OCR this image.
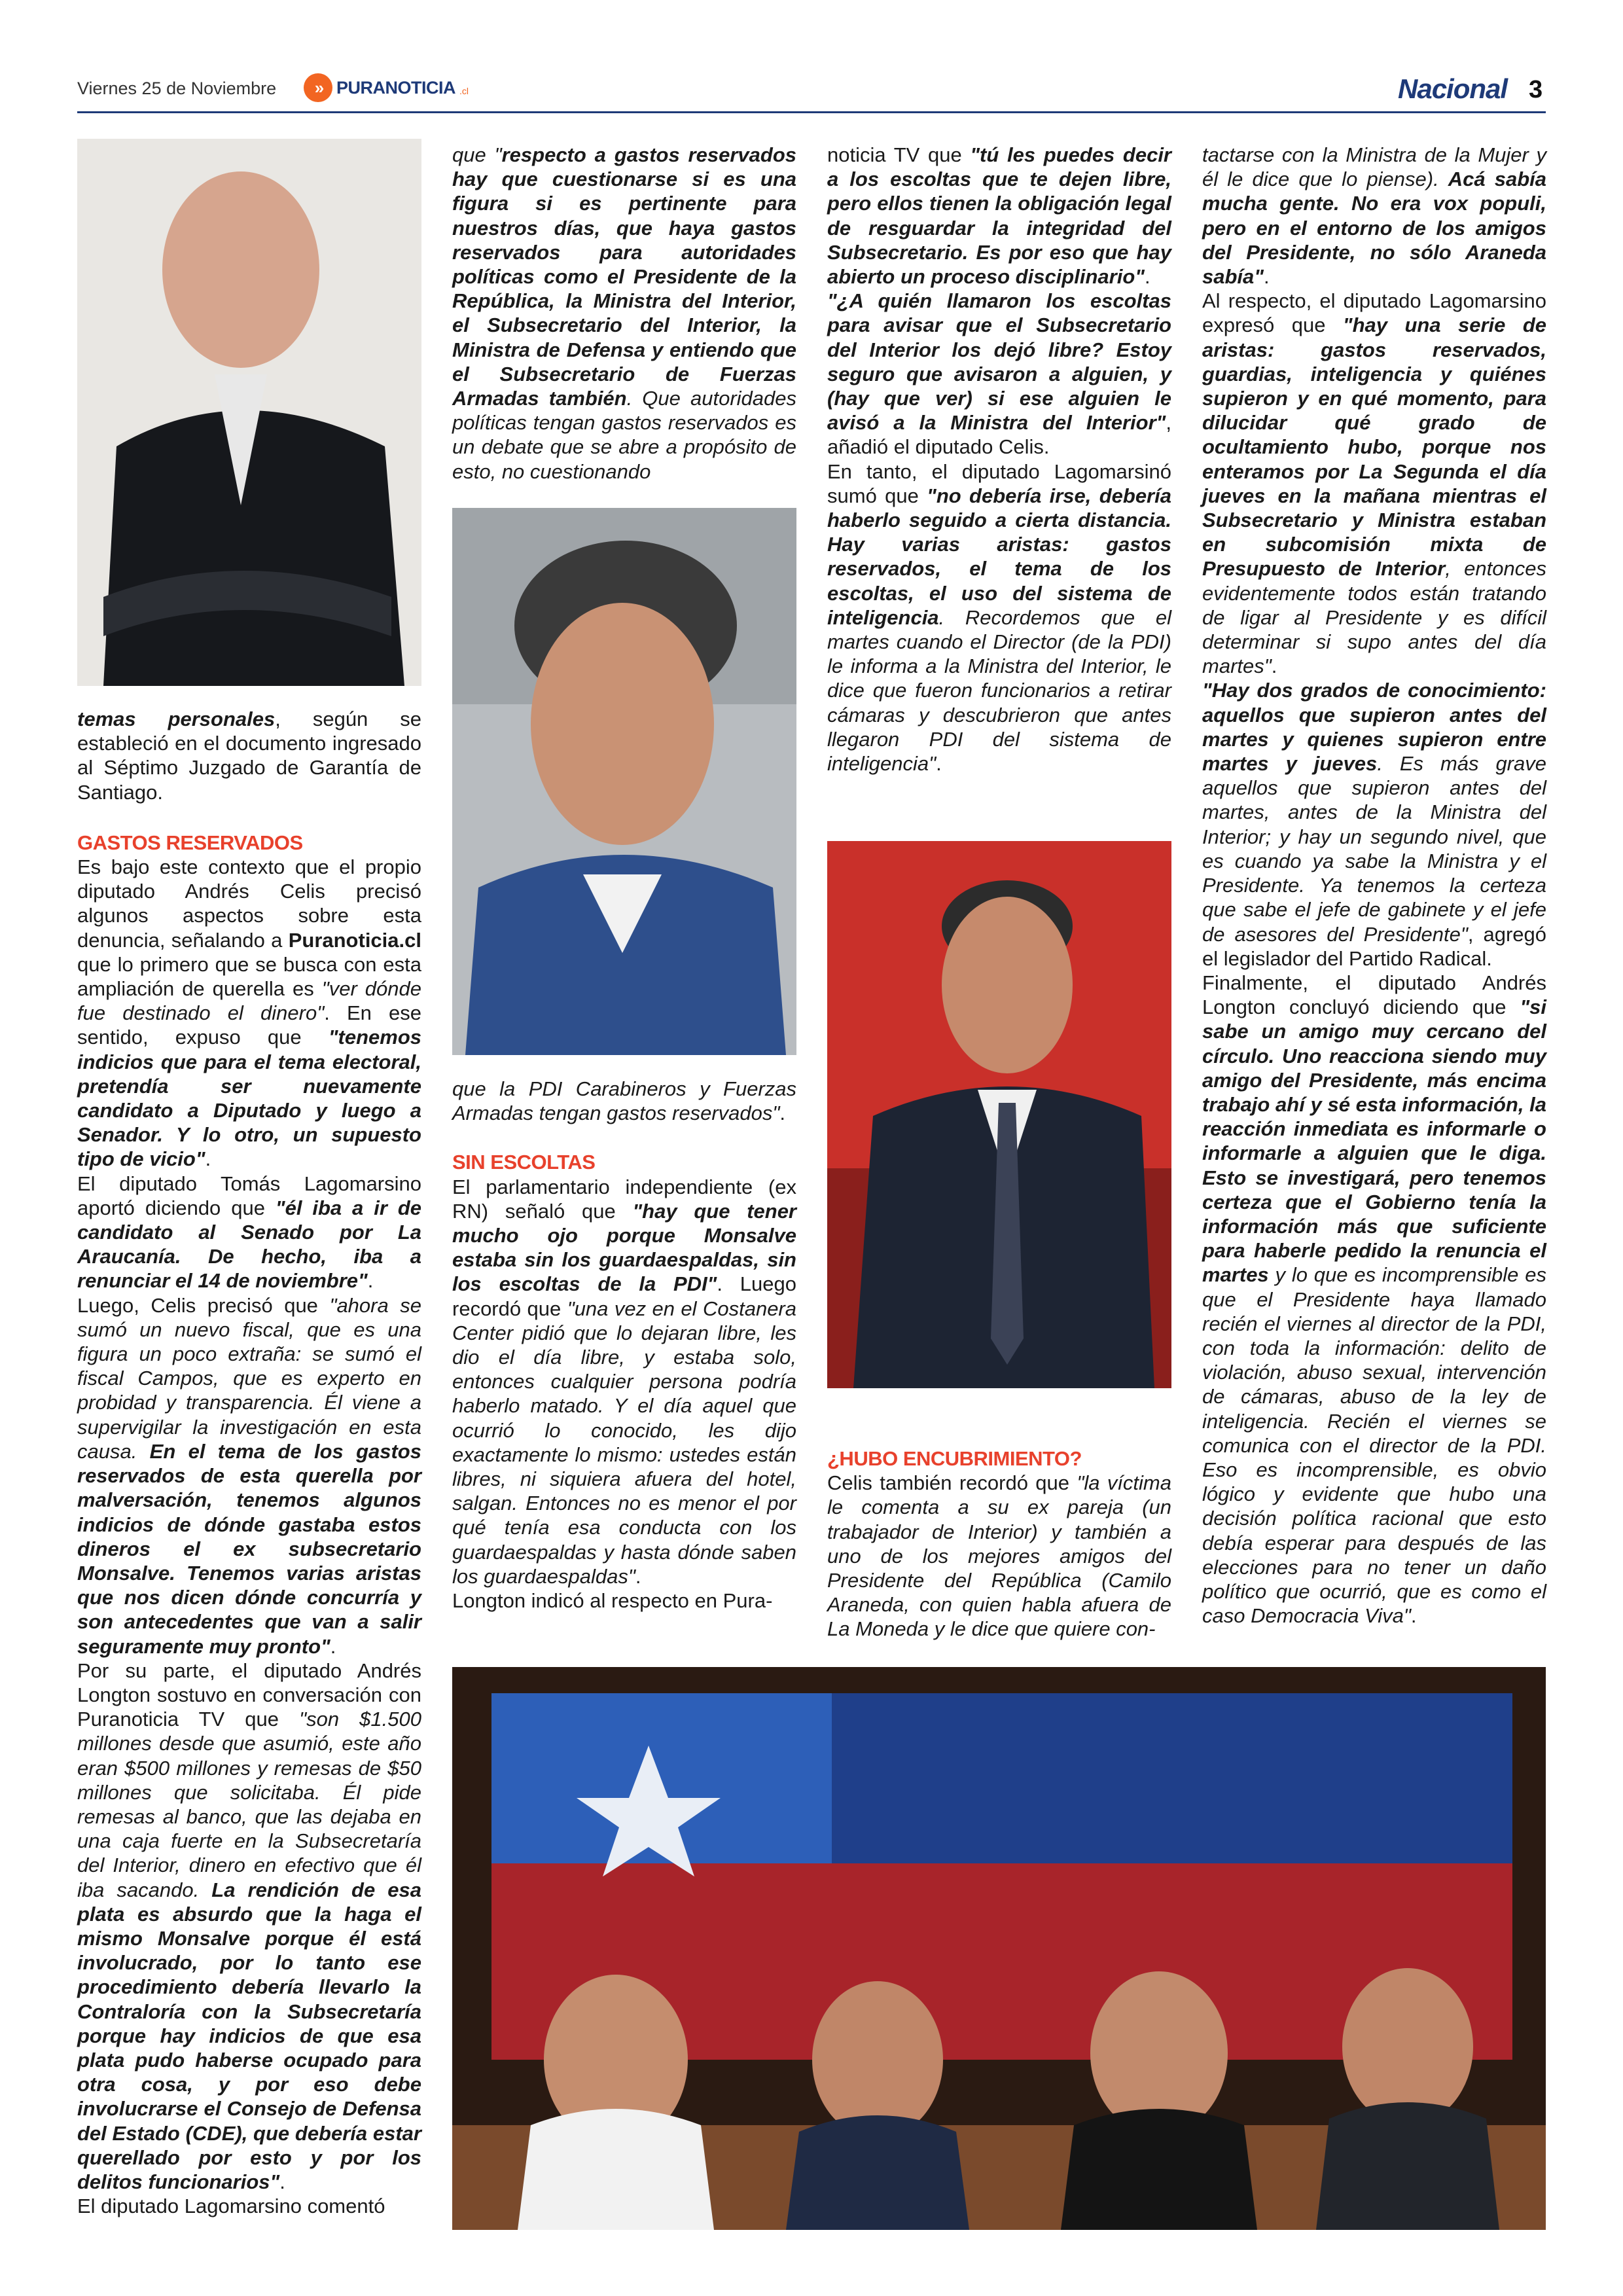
Viernes 25 de Noviembre	» PURANOTICIA .cl	Nacional 3

temas personales, según se estableció en el documento ingresado al Séptimo Juzgado de Garantía de Santiago.

GASTOS RESERVADOS

Es bajo este contexto que el propio diputado Andrés Celis precisó algunos aspectos sobre esta denuncia, señalando a Puranoticia.cl que lo primero que se busca con esta ampliación de querella es "ver dónde fue destinado el dinero". En ese sentido, expuso que "tenemos indicios que para el tema electoral, pretendía ser nuevamente candidato a Diputado y luego a Senador. Y lo otro, un supuesto tipo de vicio".

El diputado Tomás Lagomarsino aportó diciendo que "él iba a ir de candidato al Senado por La Araucanía. De hecho, iba a renunciar el 14 de noviembre".

Luego, Celis precisó que "ahora se sumó un nuevo fiscal, que es una figura un poco extraña: se sumó el fiscal Campos, que es experto en probidad y transparencia. Él viene a supervigilar la investigación en esta causa. En el tema de los gastos reservados de esta querella por malversación, tenemos algunos indicios de dónde gastaba estos dineros el ex subsecretario Monsalve. Tenemos varias aristas que nos dicen dónde concurría y son antecedentes que van a salir seguramente muy pronto".

Por su parte, el diputado Andrés Longton sostuvo en conversación con Puranoticia TV que "son $1.500 millones desde que asumió, este año eran $500 millones y remesas de $50 millones que solicitaba. Él pide remesas al banco, que las dejaba en una caja fuerte en la Subsecretaría del Interior, dinero en efectivo que él iba sacando. La rendición de esa plata es absurdo que la haga el mismo Monsalve porque él está involucrado, por lo tanto ese procedimiento debería llevarlo la Contraloría con la Subsecretaría porque hay indicios de que esa plata pudo haberse ocupado para otra cosa, y por eso debe involucrarse el Consejo de Defensa del Estado (CDE), que debería estar querellado por esto y por los delitos funcionarios".

El diputado Lagomarsino comentó

que "respecto a gastos reservados hay que cuestionarse si es una figura si es pertinente para nuestros días, que haya gastos reservados para autoridades políticas como el Presidente de la República, la Ministra del Interior, el Subsecretario del Interior, la Ministra de Defensa y entiendo que el Subsecretario de Fuerzas Armadas también. Que autoridades políticas tengan gastos reservados es un debate que se abre a propósito de esto, no cuestionando

que la PDI Carabineros y Fuerzas Armadas tengan gastos reservados".

SIN ESCOLTAS

El parlamentario independiente (ex RN) señaló que "hay que tener mucho ojo porque Monsalve estaba sin los guardaespaldas, sin los escoltas de la PDI". Luego recordó que "una vez en el Costanera Center pidió que lo dejaran libre, les dio el día libre, y estaba solo, entonces cualquier persona podría haberlo matado. Y el día aquel que ocurrió lo conocido, les dijo exactamente lo mismo: ustedes están libres, ni siquiera afuera del hotel, salgan. Entonces no es menor el por qué tenía esa conducta con los guardaespaldas y hasta dónde saben los guardaespaldas".

Longton indicó al respecto en Pura-

noticia TV que "tú les puedes decir a los escoltas que te dejen libre, pero ellos tienen la obligación legal de resguardar la integridad del Subsecretario. Es por eso que hay abierto un proceso disciplinario".

"¿A quién llamaron los escoltas para avisar que el Subsecretario del Interior los dejó libre? Estoy seguro que avisaron a alguien, y (hay que ver) si ese alguien le avisó a la Ministra del Interior", añadió el diputado Celis.

En tanto, el diputado Lagomarsinó sumó que "no debería irse, debería haberlo seguido a cierta distancia. Hay varias aristas: gastos reservados, el tema de los escoltas, el uso del sistema de inteligencia. Recordemos que el martes cuando el Director (de la PDI) le informa a la Ministra del Interior, le dice que fueron funcionarios a retirar cámaras y descubrieron que antes llegaron PDI del sistema de inteligencia".

¿HUBO ENCUBRIMIENTO?

Celis también recordó que "la víctima le comenta a su ex pareja (un trabajador de Interior) y también a uno de los mejores amigos del Presidente del República (Camilo Araneda, con quien habla afuera de La Moneda y le dice que quiere con-

tactarse con la Ministra de la Mujer y él le dice que lo piense). Acá sabía mucha gente. No era vox populi, pero en el entorno de los amigos del Presidente, no sólo Araneda sabía".

Al respecto, el diputado Lagomarsino expresó que "hay una serie de aristas: gastos reservados, guardias, inteligencia y quiénes supieron y en qué momento, para dilucidar qué grado de ocultamiento hubo, porque nos enteramos por La Segunda el día jueves en la mañana mientras el Subsecretario y Ministra estaban en subcomisión mixta de Presupuesto de Interior, entonces evidentemente todos están tratando de ligar al Presidente y es difícil determinar si supo antes del día martes".

"Hay dos grados de conocimiento: aquellos que supieron antes del martes y quienes supieron entre martes y jueves. Es más grave aquellos que supieron antes del martes, antes de la Ministra del Interior; y hay un segundo nivel, que es cuando ya sabe la Ministra y el Presidente. Ya tenemos la certeza que sabe el jefe de gabinete y el jefe de asesores del Presidente", agregó el legislador del Partido Radical.

Finalmente, el diputado Andrés Longton concluyó diciendo que "si sabe un amigo muy cercano del círculo. Uno reacciona siendo muy amigo del Presidente, más encima trabajo ahí y sé esta información, la reacción inmediata es informarle o informarle a alguien que le diga. Esto se investigará, pero tenemos certeza que el Gobierno tenía la información más que suficiente para haberle pedido la renuncia el martes y lo que es incomprensible es que el Presidente haya llamado recién el viernes al director de la PDI, con toda la información: delito de violación, abuso sexual, intervención de cámaras, abuso de la ley de inteligencia. Recién el viernes se comunica con el director de la PDI. Eso es incomprensible, es obvio lógico y evidente que hubo una decisión política racional que esto debía esperar para después de las elecciones para no tener un daño político que ocurrió, que es como el caso Democracia Viva".
